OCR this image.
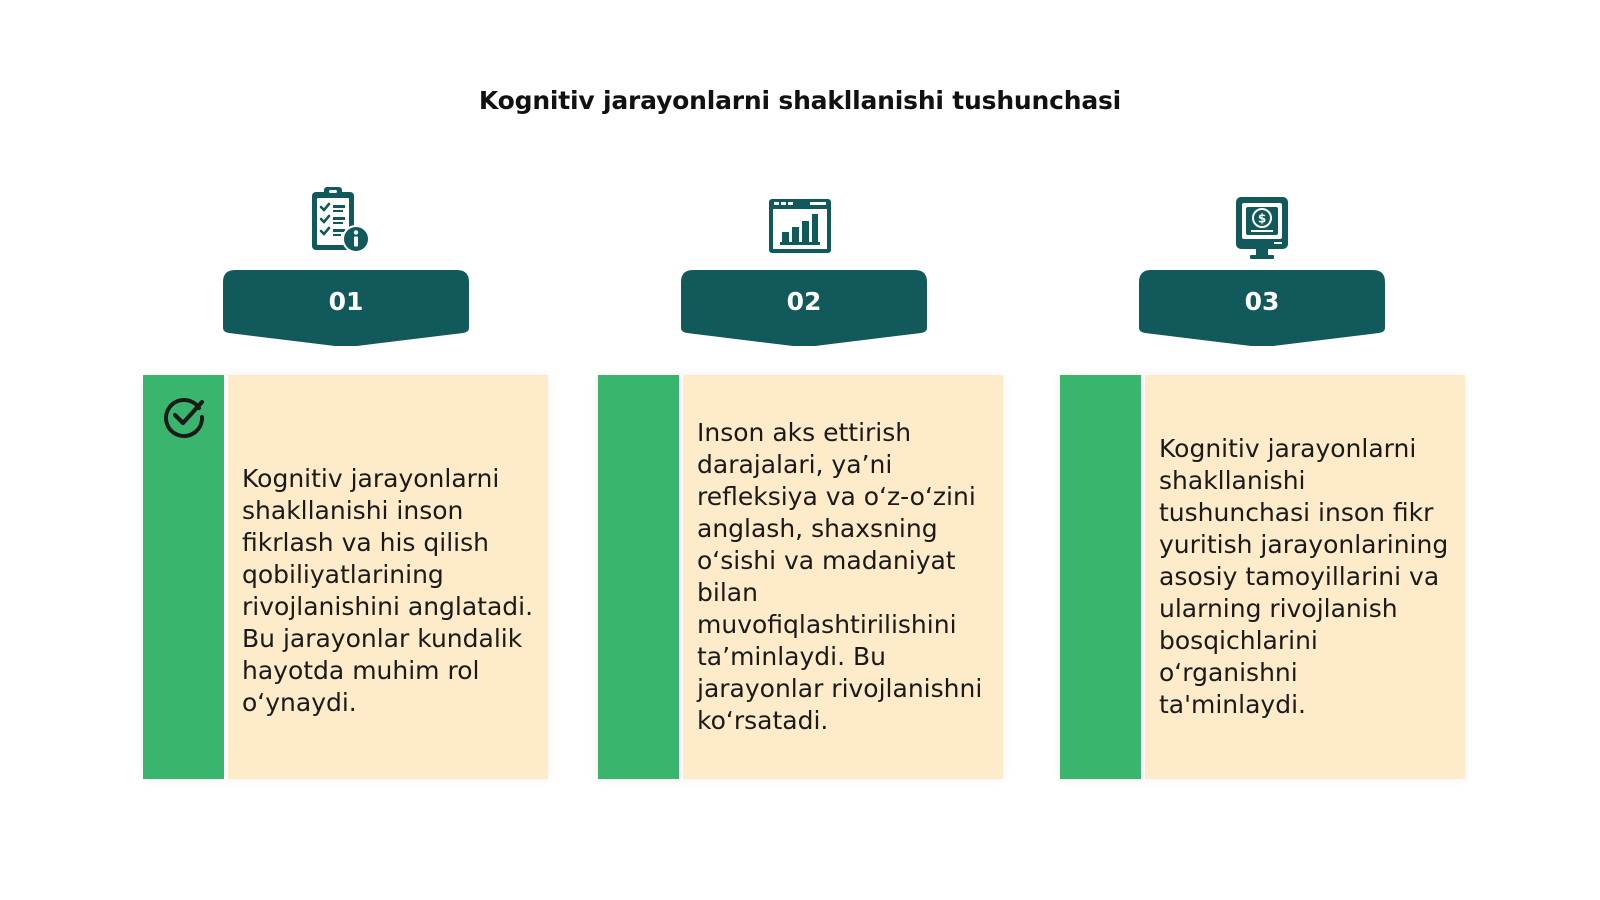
Kognitiv jarayonlarni shakllanishi tushunchasi
$
01	02	03
Kognitiv jarayonlarni shakllanishi inson fikrlash va his qilish qobiliyatlarining rivojlanishini anglatadi. Bu jarayonlar kundalik hayotda muhim rol oʻynaydi.
Inson aks ettirish darajalari, ya’ni refleksiya va oʻz-oʻzini anglash, shaxsning oʻsishi va madaniyat bilan muvofiqlashtirilishini ta’minlaydi. Bu jarayonlar rivojlanishni koʻrsatadi.
Kognitiv jarayonlarni shakllanishi tushunchasi inson fikr yuritish jarayonlarining asosiy tamoyillarini va ularning rivojlanish bosqichlarini oʻrganishni ta'minlaydi.
